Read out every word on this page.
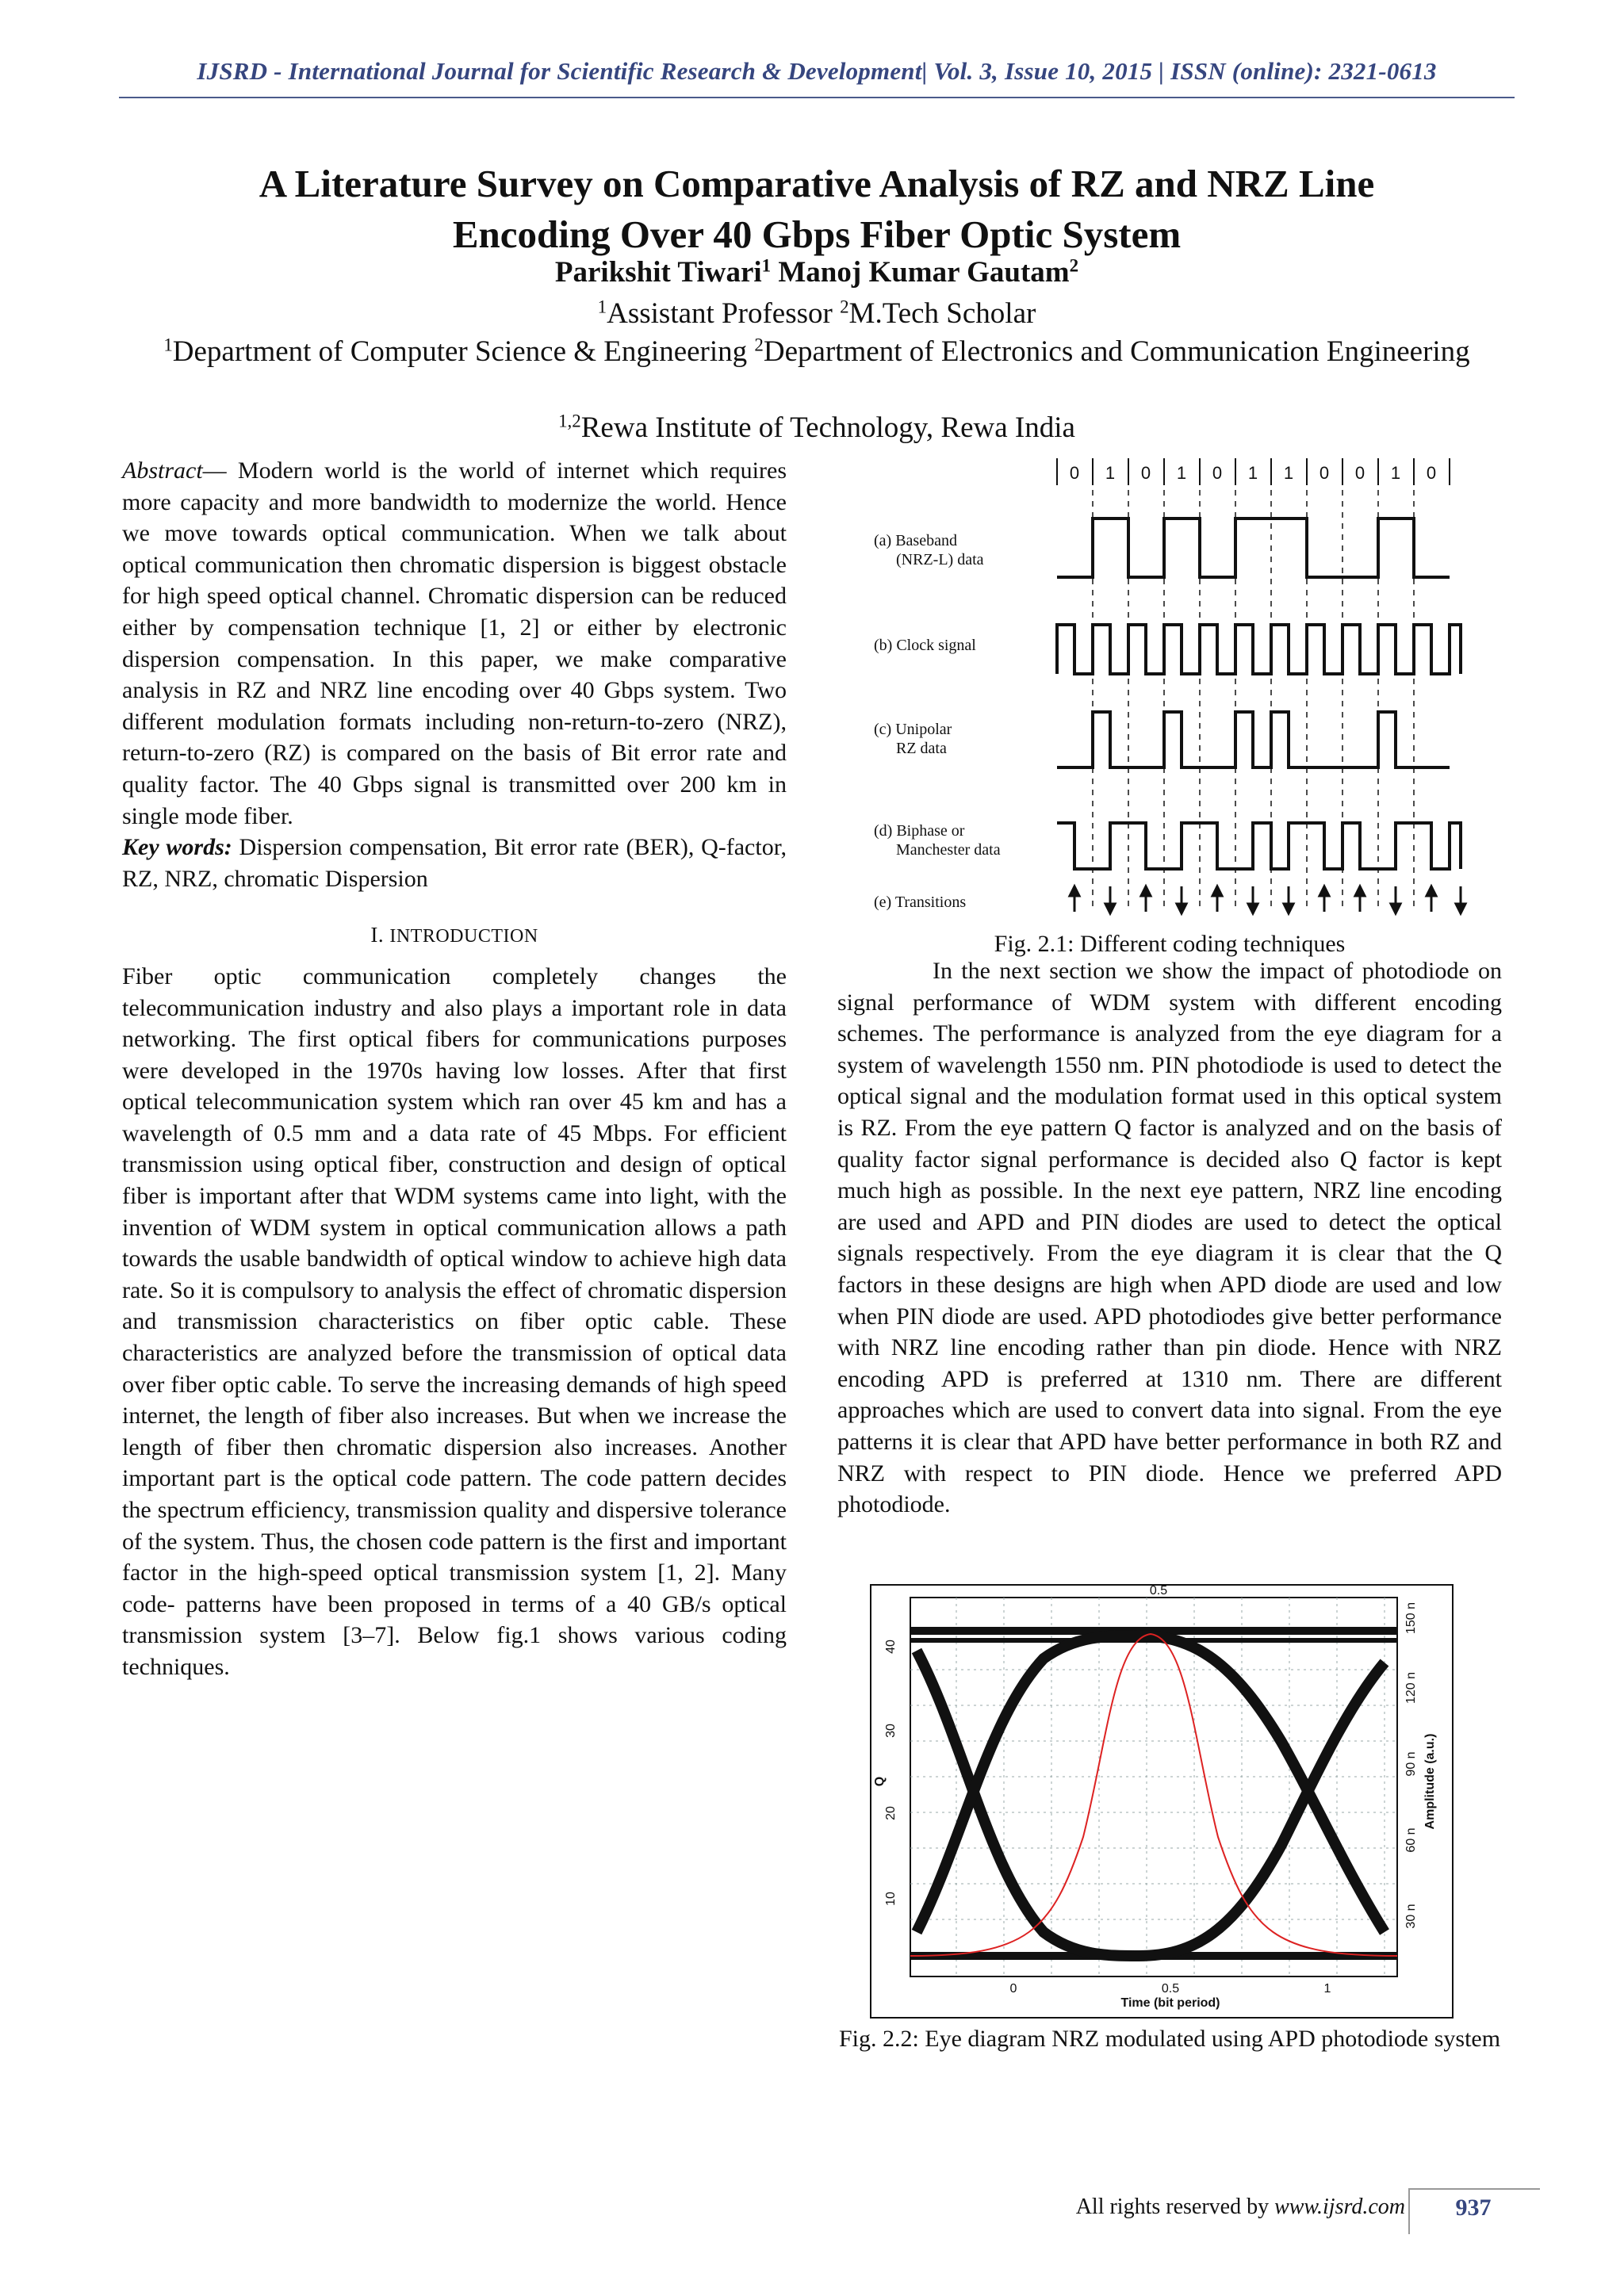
IJSRD - International Journal for Scientific Research & Development| Vol. 3, Issue 10, 2015 | ISSN (online): 2321-0613
A Literature Survey on Comparative Analysis of RZ and NRZ Line
Encoding Over 40 Gbps Fiber Optic System
Parikshit Tiwari$^1$ Manoj Kumar Gautam$^2$
$^1$Assistant Professor $^2$M.Tech Scholar
$^1$Department of Computer Science & Engineering $^2$Department of Electronics and Communication Engineering
$^{1,2}$Rewa Institute of Technology, Rewa India

Abstract— Modern world is the world of internet which requires more capacity and more bandwidth to modernize the world. Hence we move towards optical communication. When we talk about optical communication then chromatic dispersion is biggest obstacle for high speed optical channel. Chromatic dispersion can be reduced either by compensation technique [1, 2] or either by electronic dispersion compensation. In this paper, we make comparative analysis in RZ and NRZ line encoding over 40 Gbps system. Two different modulation formats including non-return-to-zero (NRZ), return-to-zero (RZ) is compared on the basis of Bit error rate and quality factor. The 40 Gbps signal is transmitted over 200 km in single mode fiber.

Key words: Dispersion compensation, Bit error rate (BER), Q-factor, RZ, NRZ, chromatic Dispersion

I. INTRODUCTION

Fiber optic communication completely changes the telecommunication industry and also plays a important role in data networking. The first optical fibers for communications purposes were developed in the 1970s having low losses. After that first optical telecommunication system which ran over 45 km and has a wavelength of 0.5 mm and a data rate of 45 Mbps. For efficient transmission using optical fiber, construction and design of optical fiber is important after that WDM systems came into light, with the invention of WDM system in optical communication allows a path towards the usable bandwidth of optical window to achieve high data rate. So it is compulsory to analysis the effect of chromatic dispersion and transmission characteristics on fiber optic cable. These characteristics are analyzed before the transmission of optical data over fiber optic cable. To serve the increasing demands of high speed internet, the length of fiber also increases. But when we increase the length of fiber then chromatic dispersion also increases. Another important part is the optical code pattern. The code pattern decides the spectrum efficiency, transmission quality and dispersive tolerance of the system. Thus, the chosen code pattern is the first and important factor in the high-speed optical transmission system [1, 2]. Many code- patterns have been proposed in terms of a 40 GB/s optical transmission system [3–7]. Below fig.1 shows various coding techniques.

0 1 0 1 0 1 1 0 0 1 0
(a) Baseband
(NRZ-L) data
(b) Clock signal
(c) Unipolar
RZ data
(d) Biphase or
Manchester data
(e) Transitions
Fig. 2.1: Different coding techniques

In the next section we show the impact of photodiode on signal performance of WDM system with different encoding schemes. The performance is analyzed from the eye diagram for a system of wavelength 1550 nm. PIN photodiode is used to detect the optical signal and the modulation format used in this optical system is RZ. From the eye pattern Q factor is analyzed and on the basis of quality factor signal performance is decided also Q factor is kept much high as possible. In the next eye pattern, NRZ line encoding are used and APD and PIN diodes are used to detect the optical signals respectively. From the eye diagram it is clear that the Q factors in these designs are high when APD diode are used and low when PIN diode are used. APD photodiodes give better performance with NRZ line encoding rather than pin diode. Hence with NRZ encoding APD is preferred at 1310 nm. There are different approaches which are used to convert data into signal. From the eye patterns it is clear that APD have better performance in both RZ and NRZ with respect to PIN diode. Hence we preferred APD photodiode.

0.5
10
20
30
40
Q
0	0.5	1
Time (bit period)
30 n
60 n
90 n
120 n
150 n
Amplitude (a.u.)
Fig. 2.2: Eye diagram NRZ modulated using APD photodiode system
All rights reserved by www.ijsrd.com	937
